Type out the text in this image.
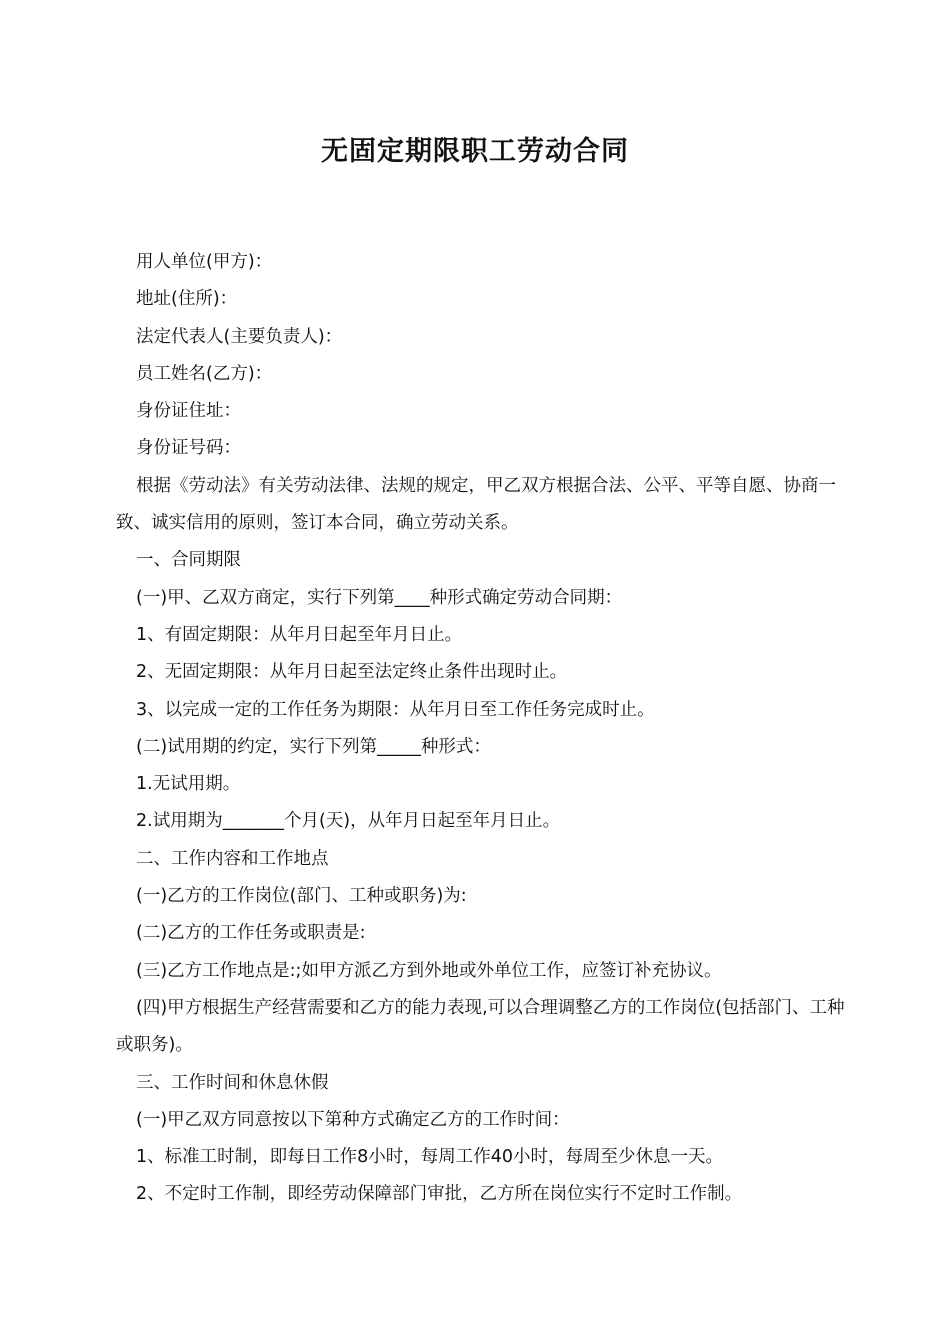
无固定期限职工劳动合同

用人单位(甲方)：

地址(住所)：

法定代表人(主要负责人)：

员工姓名(乙方)：

身份证住址：

身份证号码：

根据《劳动法》有关劳动法律、法规的规定，甲乙双方根据合法、公平、平等自愿、协商一致、诚实信用的原则，签订本合同，确立劳动关系。

一、合同期限

(一)甲、乙双方商定，实行下列第____种形式确定劳动合同期：

1、有固定期限：从年月日起至年月日止。

2、无固定期限：从年月日起至法定终止条件出现时止。

3、以完成一定的工作任务为期限：从年月日至工作任务完成时止。

(二)试用期的约定，实行下列第_____种形式：

1.无试用期。

2.试用期为_______个月(天)，从年月日起至年月日止。

二、工作内容和工作地点

(一)乙方的工作岗位(部门、工种或职务)为:

(二)乙方的工作任务或职责是:

(三)乙方工作地点是:;如甲方派乙方到外地或外单位工作，应签订补充协议。

(四)甲方根据生产经营需要和乙方的能力表现,可以合理调整乙方的工作岗位(包括部门、工种或职务)。

三、工作时间和休息休假

(一)甲乙双方同意按以下第种方式确定乙方的工作时间：

1、标准工时制，即每日工作8小时，每周工作40小时，每周至少休息一天。

2、不定时工作制，即经劳动保障部门审批，乙方所在岗位实行不定时工作制。
